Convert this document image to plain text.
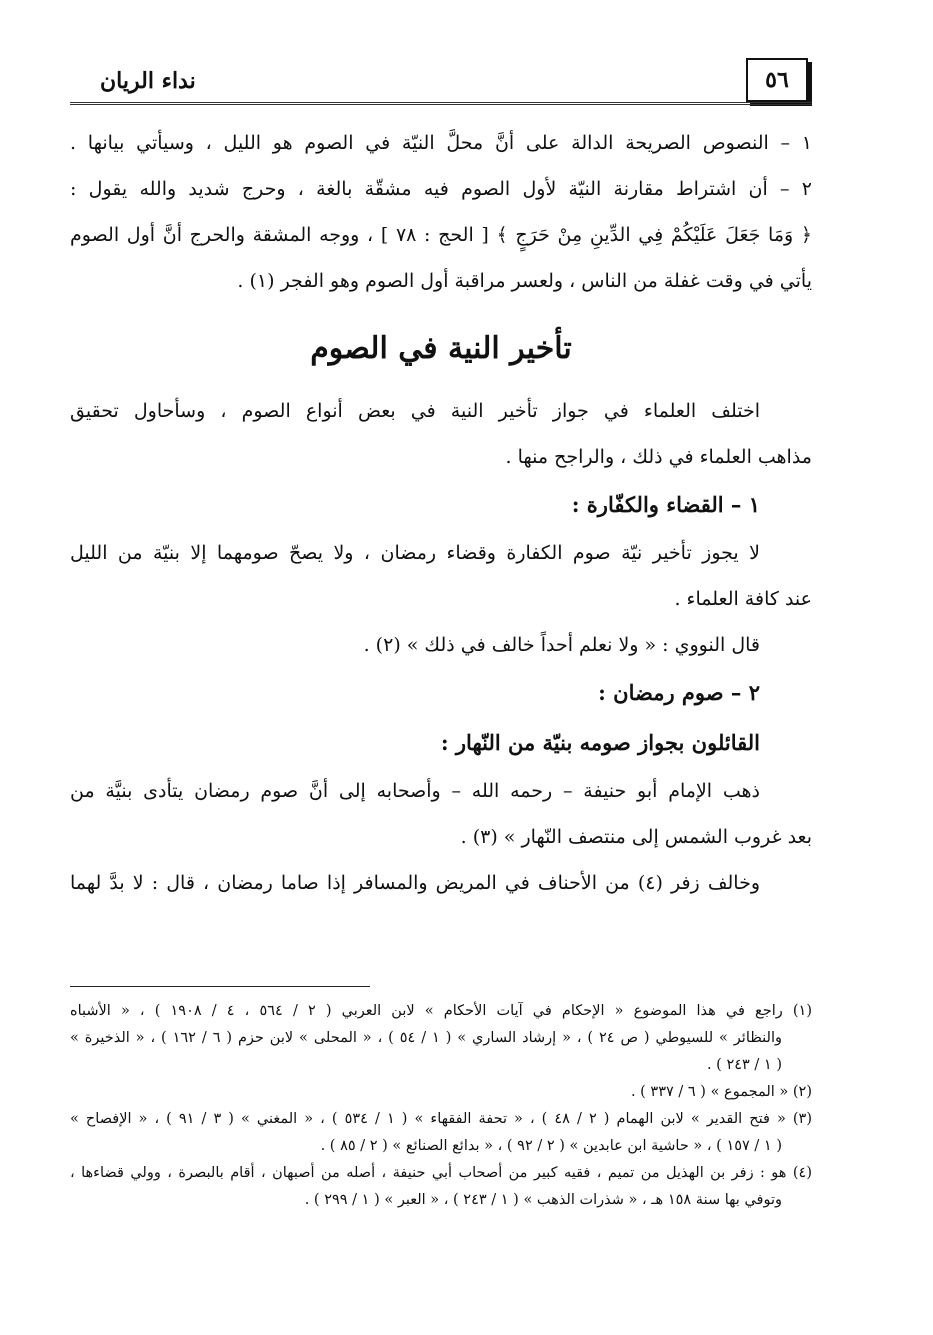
نداء الريان	٥٦
١ – النصوص الصريحة الدالة على أنَّ محلَّ النيّة في الصوم هو الليل ، وسيأتي بيانها .
٢ – أن اشتراط مقارنة النيّة لأول الصوم فيه مشقّة بالغة ، وحرج شديد والله يقول :
﴿ وَمَا جَعَلَ عَلَيْكُمْ فِي الدِّينِ مِنْ حَرَجٍ ﴾ [ الحج : ٧٨ ] ، ووجه المشقة والحرج أنَّ أول الصوم
يأتي في وقت غفلة من الناس ، ولعسر مراقبة أول الصوم وهو الفجر (١) .
تأخير النية في الصوم
اختلف العلماء في جواز تأخير النية في بعض أنواع الصوم ، وسأحاول تحقيق
مذاهب العلماء في ذلك ، والراجح منها .
١ – القضاء والكفّارة :
لا يجوز تأخير نيّة صوم الكفارة وقضاء رمضان ، ولا يصحّ صومهما إلا بنيّة من الليل
عند كافة العلماء .
قال النووي : « ولا نعلم أحداً خالف في ذلك » (٢) .
٢ – صوم رمضان :
القائلون بجواز صومه بنيّة من النّهار :
ذهب الإمام أبو حنيفة – رحمه الله – وأصحابه إلى أنَّ صوم رمضان يتأدى بنيَّة من
بعد غروب الشمس إلى منتصف النّهار » (٣) .
وخالف زفر (٤) من الأحناف في المريض والمسافر إذا صاما رمضان ، قال : لا بدَّ لهما
(١) راجع في هذا الموضوع « الإحكام في آيات الأحكام » لابن العربي ( ٢ / ٥٦٤ ، ٤ / ١٩٠٨ ) ، « الأشباه
والنظائر » للسيوطي ( ص ٢٤ ) ، « إرشاد الساري » ( ١ / ٥٤ ) ، « المحلى » لابن حزم ( ٦ / ١٦٢ ) ، « الذخيرة »
( ١ / ٢٤٣ ) .
(٢) « المجموع » ( ٦ / ٣٣٧ ) .
(٣) « فتح القدير » لابن الهمام ( ٢ / ٤٨ ) ، « تحفة الفقهاء » ( ١ / ٥٣٤ ) ، « المغني » ( ٣ / ٩١ ) ، « الإفصاح »
( ١ / ١٥٧ ) ، « حاشية ابن عابدين » ( ٢ / ٩٢ ) ، « بدائع الصنائع » ( ٢ / ٨٥ ) .
(٤) هو : زفر بن الهذيل من تميم ، فقيه كبير من أصحاب أبي حنيفة ، أصله من أصبهان ، أقام بالبصرة ، وولي قضاءها ،
وتوفي بها سنة ١٥٨ هـ ، « شذرات الذهب » ( ١ / ٢٤٣ ) ، « العبر » ( ١ / ٢٩٩ ) .
